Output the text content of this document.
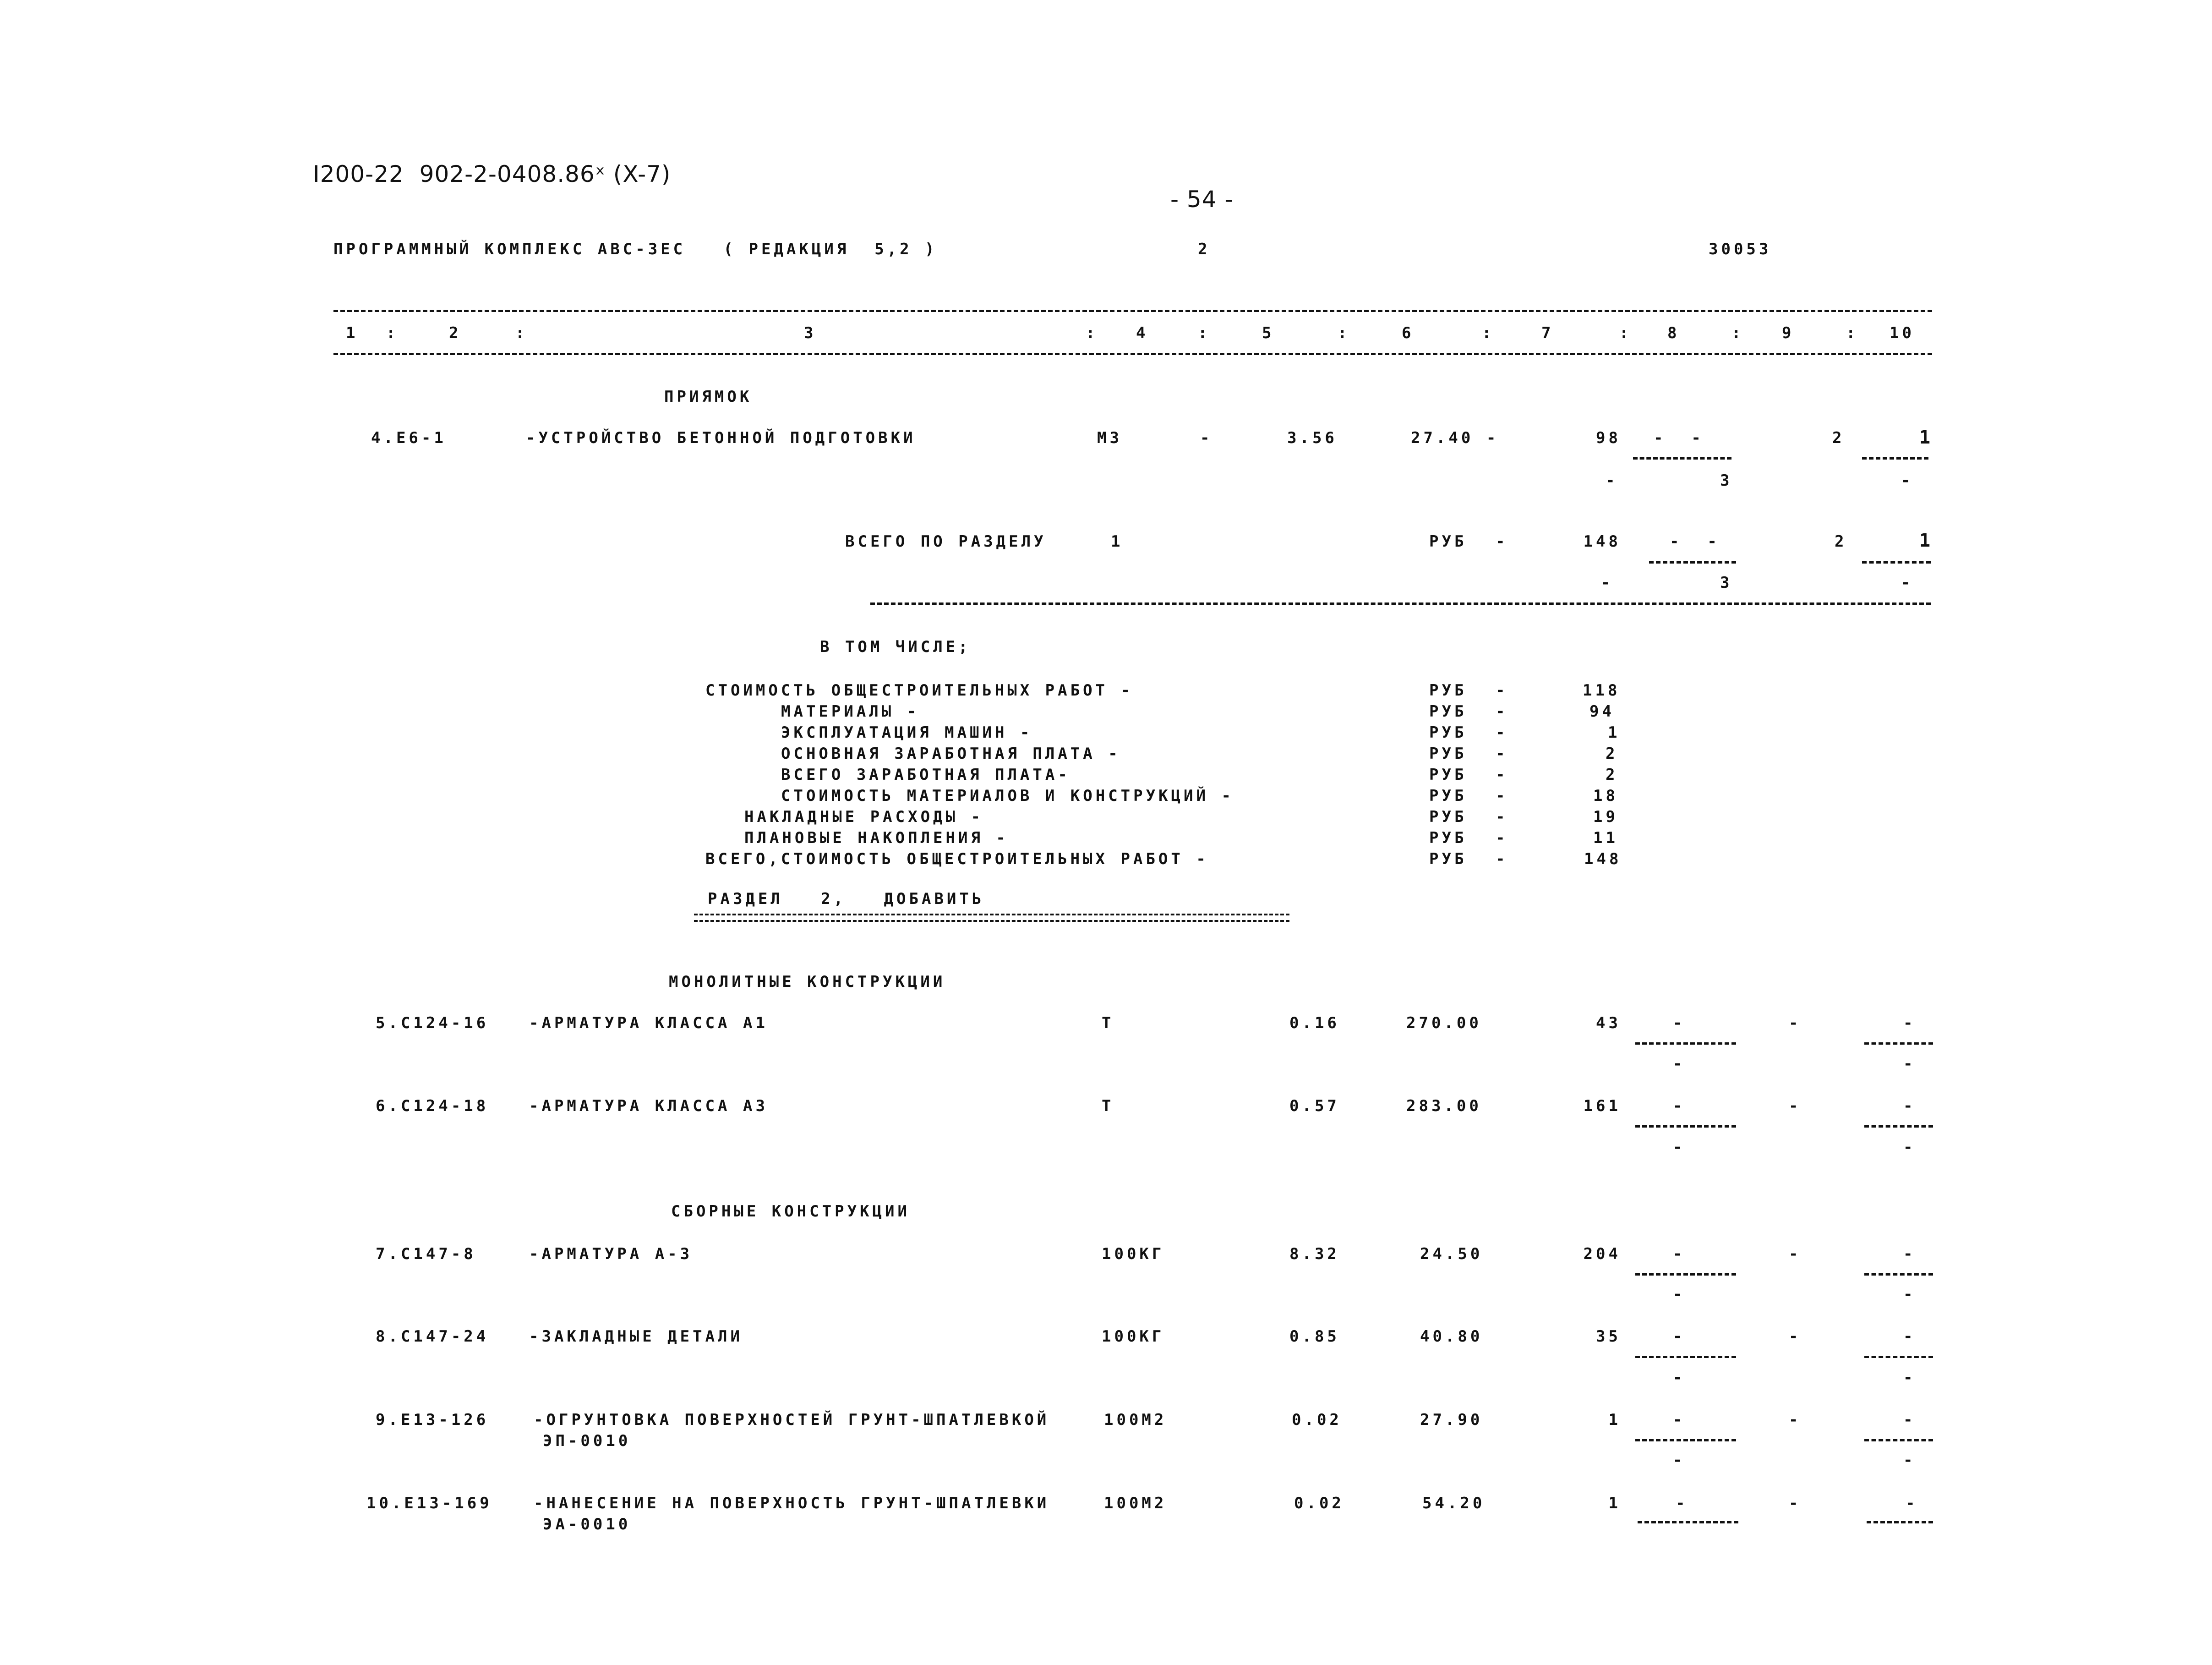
I200-22  902-2-0408.86ˣ (X-7)
- 54 -
ПРОГРАММНЫЙ КОМПЛЕКС АВС-3ЕС   ( РЕДАКЦИЯ  5,2 )	2	30053
1 :	2	:	3	: 4	:	5	:	6	:	7	: 8	: 9	: 10
ПРИЯМОК
4.Е6-1	-УСТРОЙСТВО БЕТОННОЙ ПОДГОТОВКИ	М3	-	3.56	27.40 -	98 -  -	2	1
-	3	-
ВСЕГО ПО РАЗДЕЛУ	1	РУБ -	148	-  -	2	1
-	3	-
В ТОМ ЧИСЛЕ;
СТОИМОСТЬ ОБЩЕСТРОИТЕЛЬНЫХ РАБОТ -	РУБ -	118
МАТЕРИАЛЫ -	РУБ -	94
ЭКСПЛУАТАЦИЯ МАШИН -	РУБ -	1
ОСНОВНАЯ ЗАРАБОТНАЯ ПЛАТА -	РУБ -	2
ВСЕГО ЗАРАБОТНАЯ ПЛАТА-	РУБ -	2
СТОИМОСТЬ МАТЕРИАЛОВ И КОНСТРУКЦИЙ -	РУБ -	18
НАКЛАДНЫЕ РАСХОДЫ -	РУБ -	19
ПЛАНОВЫЕ НАКОПЛЕНИЯ -	РУБ -	11
ВСЕГО,СТОИМОСТЬ ОБЩЕСТРОИТЕЛЬНЫХ РАБОТ -	РУБ -	148
РАЗДЕЛ   2,   ДОБАВИТЬ
МОНОЛИТНЫЕ КОНСТРУКЦИИ
5.С124-16	-АРМАТУРА КЛАССА А1	Т	0.16	270.00	43	-	-	-
-	-
6.С124-18	-АРМАТУРА КЛАССА А3	Т	0.57	283.00	161	-	-	-
-	-
СБОРНЫЕ КОНСТРУКЦИИ
7.С147-8	-АРМАТУРА А-3	100КГ	8.32	24.50	204	-	-	-
-	-
8.С147-24	-ЗАКЛАДНЫЕ ДЕТАЛИ	100КГ	0.85	40.80	35	-	-	-
-	-
9.Е13-126	-ОГРУНТОВКА ПОВЕРХНОСТЕЙ ГРУНТ-ШПАТЛЕВКОЙ
ЭП-0010
100М2	0.02	27.90	1	-	-	-
-	-
10.Е13-169	-НАНЕСЕНИЕ НА ПОВЕРХНОСТЬ ГРУНТ-ШПАТЛЕВКИ
ЭА-0010
100М2	0.02	54.20	1	-	-	-
